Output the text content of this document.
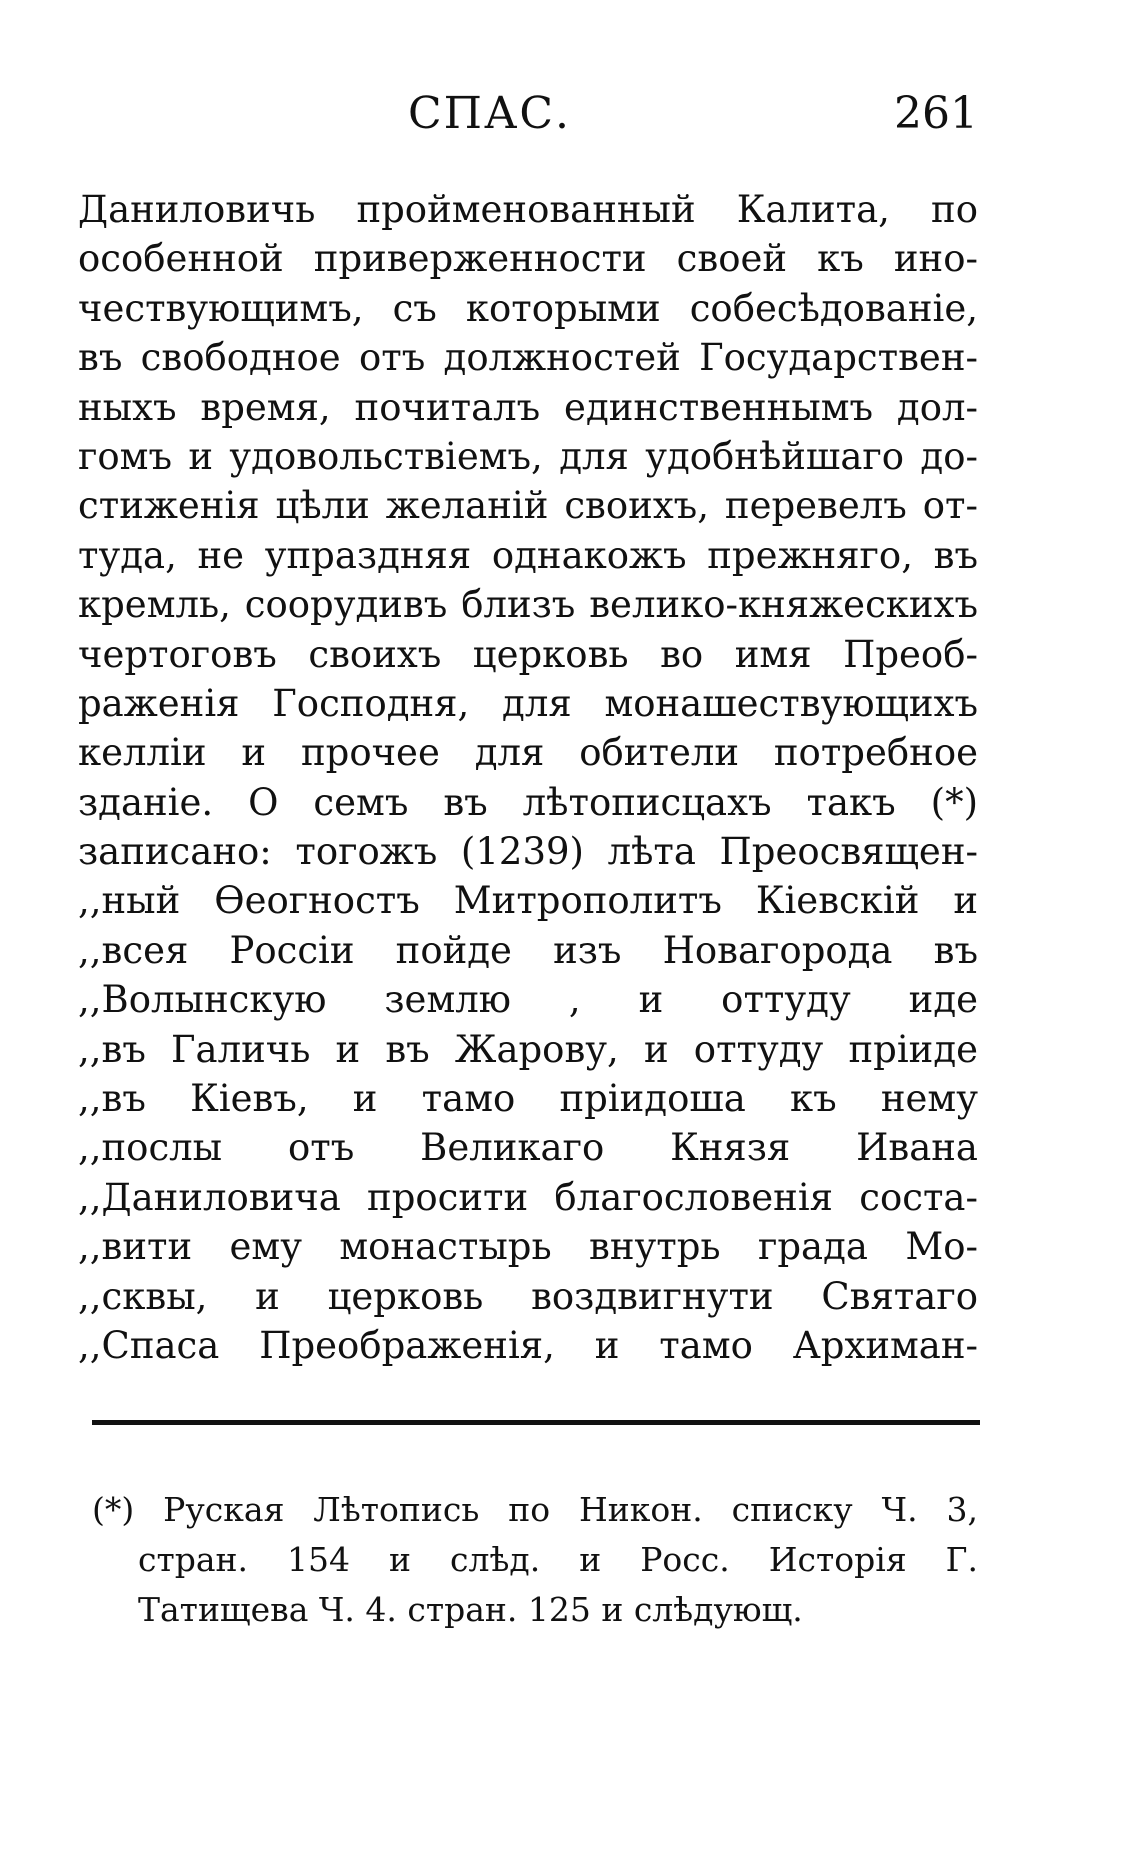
СПАС.	261
Даниловичь пройменованный Калита, по
особенной приверженности своей къ ино-
чествующимъ, съ которыми собесѣдованіе,
въ свободное отъ должностей Государствен-
ныхъ время, почиталъ единственнымъ дол-
гомъ и удовольствіемъ, для удобнѣйшаго до-
стиженія цѣли желаній своихъ, перевелъ от-
туда, не упраздняя однакожъ прежняго, въ
кремль, соорудивъ близъ велико-княжескихъ
чертоговъ своихъ церковь во имя Преоб-
раженія Господня, для монашествующихъ
келліи и прочее для обители потребное
зданіе. О семъ въ лѣтописцахъ такъ (*)
записано: тогожъ (1239) лѣта Преосвящен-
,,ный Ѳеогностъ Митрополитъ Кіевскій и
,,всея Россіи пойде изъ Новагорода въ
,,Волынскую землю , и оттуду иде
,,въ Галичь и въ Жарову, и оттуду пріиде
,,въ Кіевъ, и тамо пріидоша къ нему
,,послы отъ Великаго Князя Ивана
,,Даниловича просити благословенія соста-
,,вити ему монастырь внутрь града Мо-
,,сквы, и церковь воздвигнути Святаго
,,Спаса Преображенія, и тамо Архиман-
(*) Руская Лѣтопись по Никон. списку Ч. 3,
стран. 154 и слѣд. и Росс. Исторія Г.
Татищева Ч. 4. стран. 125 и слѣдующ.
